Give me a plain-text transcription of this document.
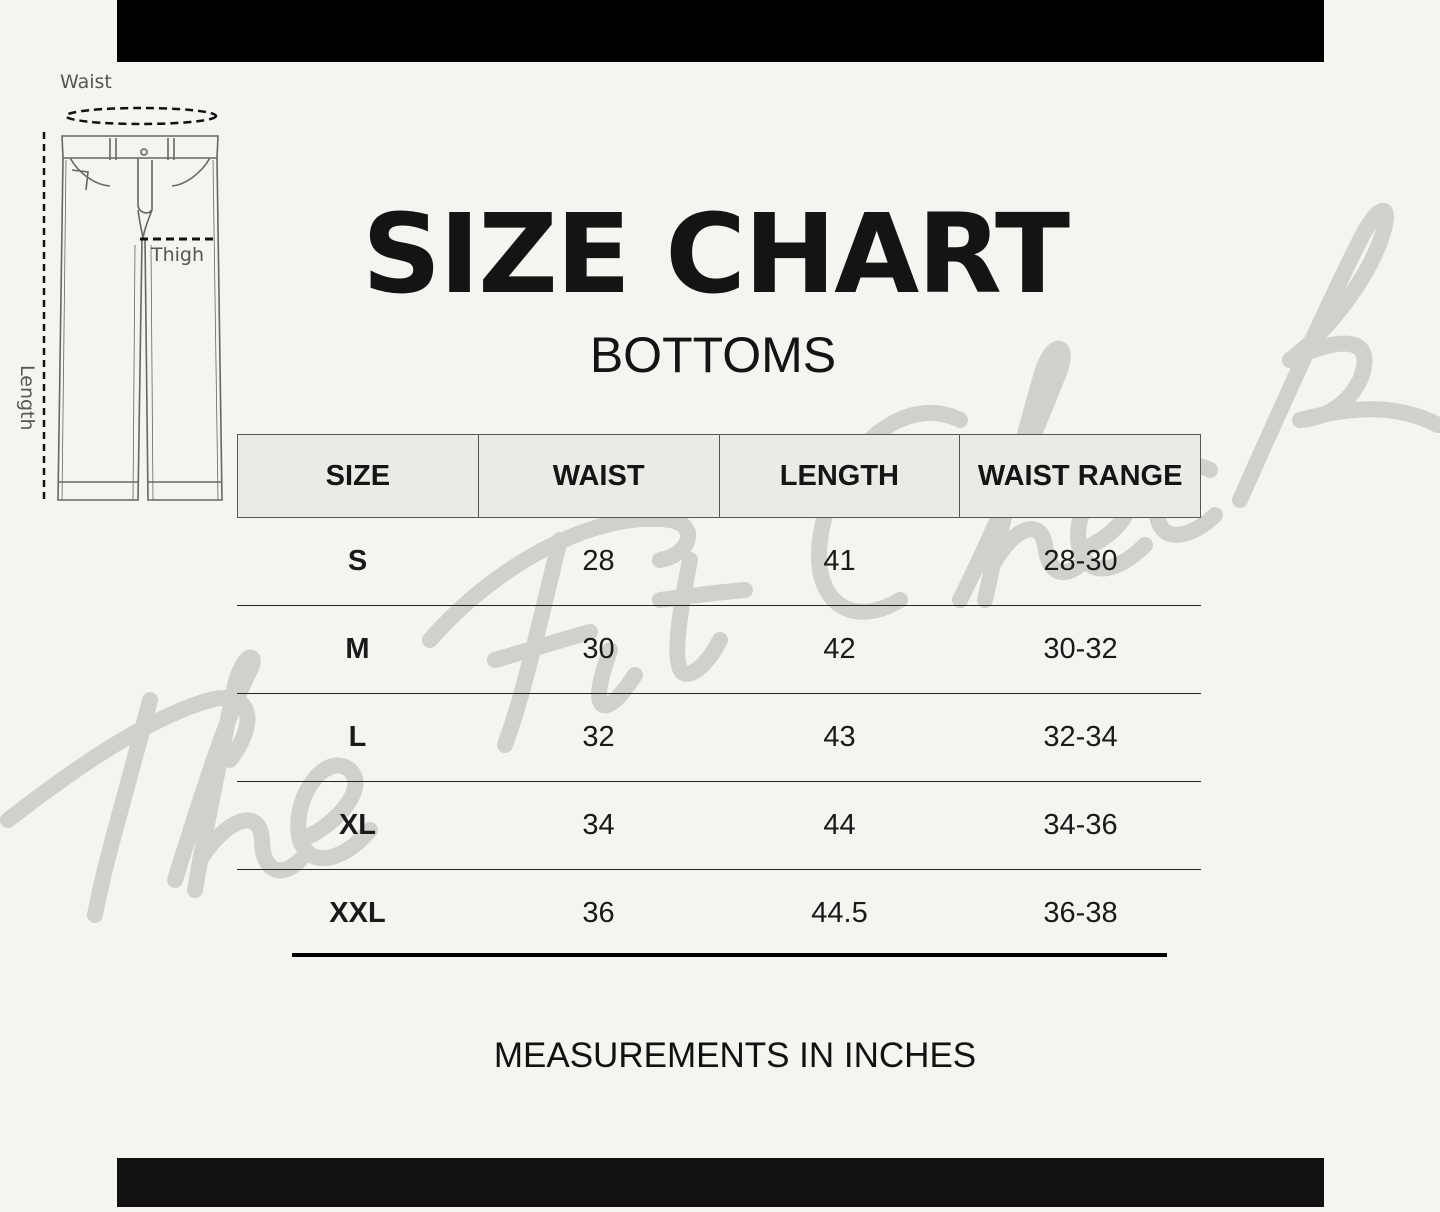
Waist
Thigh
Length
SIZE CHART
BOTTOMS
SIZE	WAIST	LENGTH	WAIST RANGE
S	28	41	28-30
M	30	42	30-32
L	32	43	32-34
XL	34	44	34-36
XXL	36	44.5	36-38
MEASUREMENTS IN INCHES
